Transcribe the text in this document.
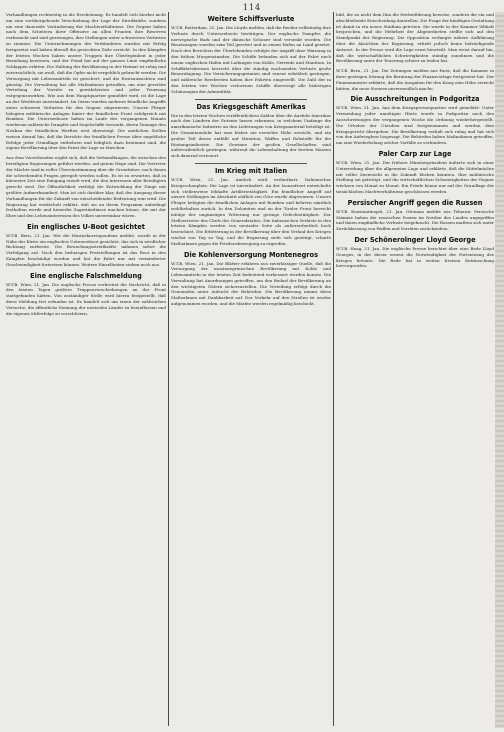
114

Verhandlungen rechtzeitig in die Erscheinung. Es handelt sich hierbei nicht um eine vorübergehende Verschiebung der Lage der Streitkräfte, sondern um eine dauernde Veränderung der Machtverhältnisse. Die Gegner haben nach dem Scheitern ihrer Offensive an allen Fronten ihre Reserven verbraucht und sind gezwungen, ihre Stellungen unter schwersten Verlusten zu räumen. Die Unternehmungen der Verbündeten wurden mit Erfolg fortgesetzt und haben überall die gesteckten Ziele erreicht. In den Kämpfen der letzten Wochen haben unsere Truppen ihre Überlegenheit in jeder Beziehung bewiesen, und der Feind hat auf der ganzen Linie empfindliche Schlappen erlitten. Die Haltung der Bevölkerung in der Heimat ist ruhig und zuversichtlich; sie weiß, daß die Opfer nicht vergeblich gebracht werden. Die Versorgung mit Lebensmitteln ist gesichert, und die Ernteaussichten sind günstig. Die Verwaltung hat alle Maßnahmen getroffen, um eine gerechte Verteilung der Vorräte zu gewährleisten und jeder Teuerung entgegenzuwirken. Wie aus dem Hauptquartier gemeldet wird, ist die Lage an der Westfront unverändert. Im Osten wurden mehrere feindliche Angriffe unter schweren Verlusten für den Gegner abgewiesen. Unsere Flieger belegten militärische Anlagen hinter der feindlichen Front erfolgreich mit Bomben. Die Unterseeboote haben im Laufe des vergangenen Monats wiederum zahlreiche Dampfer und Segelschiffe versenkt, deren Tonnage den Neubau der feindlichen Werften weit übersteigt. Die amtlichen Stellen weisen darauf hin, daß die Berichte der feindlichen Presse über angebliche Erfolge jeder Grundlage entbehren und lediglich dazu bestimmt sind, die eigene Bevölkerung über den Ernst der Lage zu täuschen.

Aus dem Vorstehenden ergibt sich, daß die Verhandlungen, die zwischen den beteiligten Regierungen geführt werden, auf gutem Wege sind. Die Vertreter der Mächte sind in voller Übereinstimmung über die Grundsätze, nach denen die schwebenden Fragen geregelt werden sollen. Es ist zu erwarten, daß in kürzester Zeit eine Einigung erzielt wird, die den Interessen aller Beteiligten gerecht wird. Die Öffentlichkeit verfolgt die Entwicklung der Dinge mit größter Aufmerksamkeit. Man ist sich darüber klar, daß der Ausgang dieser Verhandlungen für die Zukunft von entscheidender Bedeutung sein wird. Die Regierung hat wiederholt erklärt, daß sie an ihrem Programm unbedingt festhalten werde und keinerlei Zugeständnisse machen könne, die mit der Ehre und den Lebensinteressen des Volkes unvereinbar wären.

Ein englisches U-Boot gesichtet

W.T.B. Bern, 21. Jan. Wie die Marinekorrespondenz meldet, wurde in der Nähe der Küste ein englisches Unterseeboot gesichtet, das sich in nördlicher Richtung entfernte. Die Bewachungsstreitkräfte nahmen sofort die Verfolgung auf. Nach den bisherigen Feststellungen ist das Boot in den Kämpfen beschädigt worden und hat die Fahrt nur mit verminderter Geschwindigkeit fortsetzen können. Weitere Einzelheiten stehen noch aus.

Eine englische Falschmeldung

W.T.B. Wien, 21. Jan. Die englische Presse verbreitet die Nachricht, daß in den letzten Tagen größere Truppenverschiebungen an der Front stattgefunden hätten. Von zuständiger Stelle wird hierzu festgestellt, daß diese Meldung frei erfunden ist. Es handelt sich um einen der zahlreichen Versuche, die öffentliche Meinung der neutralen Länder zu beeinflussen und die eigenen Mißerfolge zu verschleiern.

Weitere Schiffsverluste

W.T.B. Rotterdam, 21. Jan. Die Lloyds melden, daß die Reeder vollständig ihre Verluste durch Unterseeboote bestätigen. Der englische Dampfer, die norwegische Bark und der dänische Schoner sind versenkt worden. Die Besatzungen wurden zum Teil gerettet und in einem Hafen an Land gesetzt. Nach den Berichten der Überlebenden erfolgte der Angriff ohne Warnung in den frühen Morgenstunden. Die Schiffe befanden sich auf der Fahrt nach einem englischen Hafen mit Ladungen von Kohle, Getreide und Munition. In Schiffahrtskreisen herrscht über die ständig wachsenden Verluste große Beunruhigung. Die Versicherungsprämien sind erneut erheblich gestiegen, und zahlreiche Reedereien haben ihre Fahrten eingestellt. Die Zahl der in den letzten vier Wochen verlorenen Schiffe übersteigt alle bisherigen Schätzungen der Admiralität.

Das Kriegsgeschäft Amerikas

Die in den letzten Wochen veröffentlichten Zahlen über die Ausfuhr Amerikas nach den Ländern der Entente lassen erkennen, in welchem Umfange die amerikanische Industrie an den Lieferungen von Kriegsmaterial beteiligt ist. Die Gesamtausfuhr hat eine bisher nie erreichte Höhe erreicht, und ein großer Teil davon entfällt auf Munition, Waffen und Rohstoffe für die Rüstungsindustrie. Die Gewinne der großen Gesellschaften sind außerordentlich gestiegen, während die Lebenshaltung der breiten Massen sich dauernd verteuert.

Im Krieg mit Italien

W.T.B. Wien, 21. Jan. Amtlich wird verlautbart: Italienischer Kriegsschauplatz. Die Lage ist unverändert. An der Isonzofront entwickelte sich stellenweise lebhafte Artillerietätigkeit. Ein feindlicher Angriff auf unsere Stellungen im Abschnitt südlich von Görz wurde abgewiesen. Unsere Flieger belegten die feindlichen Anlagen mit Bomben und kehrten sämtlich wohlbehalten zurück. In den Dolomiten und an der Tiroler Front herrscht infolge der ungünstigen Witterung nur geringe Gefechtstätigkeit. Der Stellvertreter des Chefs des Generalstabes. Die italienischen Verluste in den letzten Kämpfen werden von neutraler Seite als außerordentlich hoch bezeichnet. Die Erbitterung in der Bevölkerung über den Verlauf des Krieges wächst von Tag zu Tag, und die Regierung sieht sich genötigt, scharfe Maßnahmen gegen die Friedensbewegung zu ergreifen.

Die Kohlenversorgung Montenegros

W.T.B. Wien, 21. Jan. Die Blätter erfahren aus zuverlässiger Quelle, daß die Versorgung der montenegrinischen Bevölkerung mit Kohle und Lebensmitteln in der letzten Zeit bedeutend verbessert werden konnte. Die Verwaltung hat Anordnungen getroffen, um den Bedarf der Bevölkerung an den wichtigsten Gütern sicherzustellen. Die Verteilung erfolgt durch die Gemeinden unter Aufsicht der Behörden. Die Bevölkerung nimmt diese Maßnahmen mit Dankbarkeit auf. Der Verkehr auf den Straßen ist wieder aufgenommen worden, und die Märkte werden regelmäßig beschickt.

bild, die zu nicht dem Ihm die Herbeiführung beweise, sondern die ein und abschließende Entscheidung darstellen. Die Frage der künftigen Gestaltung ist damit in ein neues Stadium getreten. Sie wurde in der Kammer lebhaft besprochen, und die Mehrheit der Abgeordneten stellte sich auf den Standpunkt der Regierung. Die Opposition verlangte nähere Aufklärung über die Absichten der Regierung, erhielt jedoch keine befriedigende Antwort. In der Presse wird die Lage ernst beurteilt. Man weist darauf hin, daß die wirtschaftlichen Schwierigkeiten ständig zunehmen und die Bevölkerung unter der Teuerung schwer zu leiden hat.

W.T.B. Bern, 21. Jan. Die Zeitungen melden aus Paris, daß die Kammer in ihrer gestrigen Sitzung die Beratung der Finanzvorlage fortgesetzt hat. Der Finanzminister erklärte, daß die Ausgaben für den Krieg eine Höhe erreicht hätten, die neue Steuern unvermeidlich mache.

Die Ausschreitungen in Podgoritza

W.T.B. Wien, 21. Jan. Aus dem Kriegspressequartier wird gemeldet: Unter Vermeidung jeder unnötigen Härte wurde in Podgoritza nach den Ausschreitungen der vergangenen Woche die Ordnung wiederhergestellt. Die Urheber der Unruhen sind festgenommen und werden dem Kriegsgericht übergeben. Die Bevölkerung verhält sich ruhig und hat sich von den Aufwieglern losgesagt. Die Behörden haben Maßnahmen getroffen, um eine Wiederholung solcher Vorfälle zu verhindern.

Paler Carp zur Lage

W.T.B. Wien, 21. Jan. Der frühere Ministerpräsident äußerte sich in einer Unterredung über die allgemeine Lage und erklärte, daß die Mittelmächte mit voller Zuversicht in die Zukunft blicken könnten. Ihre militärische Stellung sei gefestigt, und die wirtschaftlichen Schwierigkeiten der Gegner wüchsen von Monat zu Monat. Ein Friede könne nur auf der Grundlage der tatsächlichen Machtverhältnisse geschlossen werden.

Persischer Angriff gegen die Russen

W.T.B. Konstantinopel, 21. Jan. Ottoman meldet aus Teheran: Persische Stämme haben die russischen Posten im Norden des Landes angegriffen und ihnen empfindliche Verluste beigebracht. Die Russen mußten sich unter Zurücklassung von Waffen und Vorräten zurückziehen.

Der Schönerolnger Lloyd George

W.T.B. Haag, 21. Jan. Die englische Presse berichtet über eine Rede Lloyd Georges, in der dieser erneut die Notwendigkeit der Fortsetzung des Krieges betonte. Die Rede hat in weiten Kreisen Enttäuschung hervorgerufen.
